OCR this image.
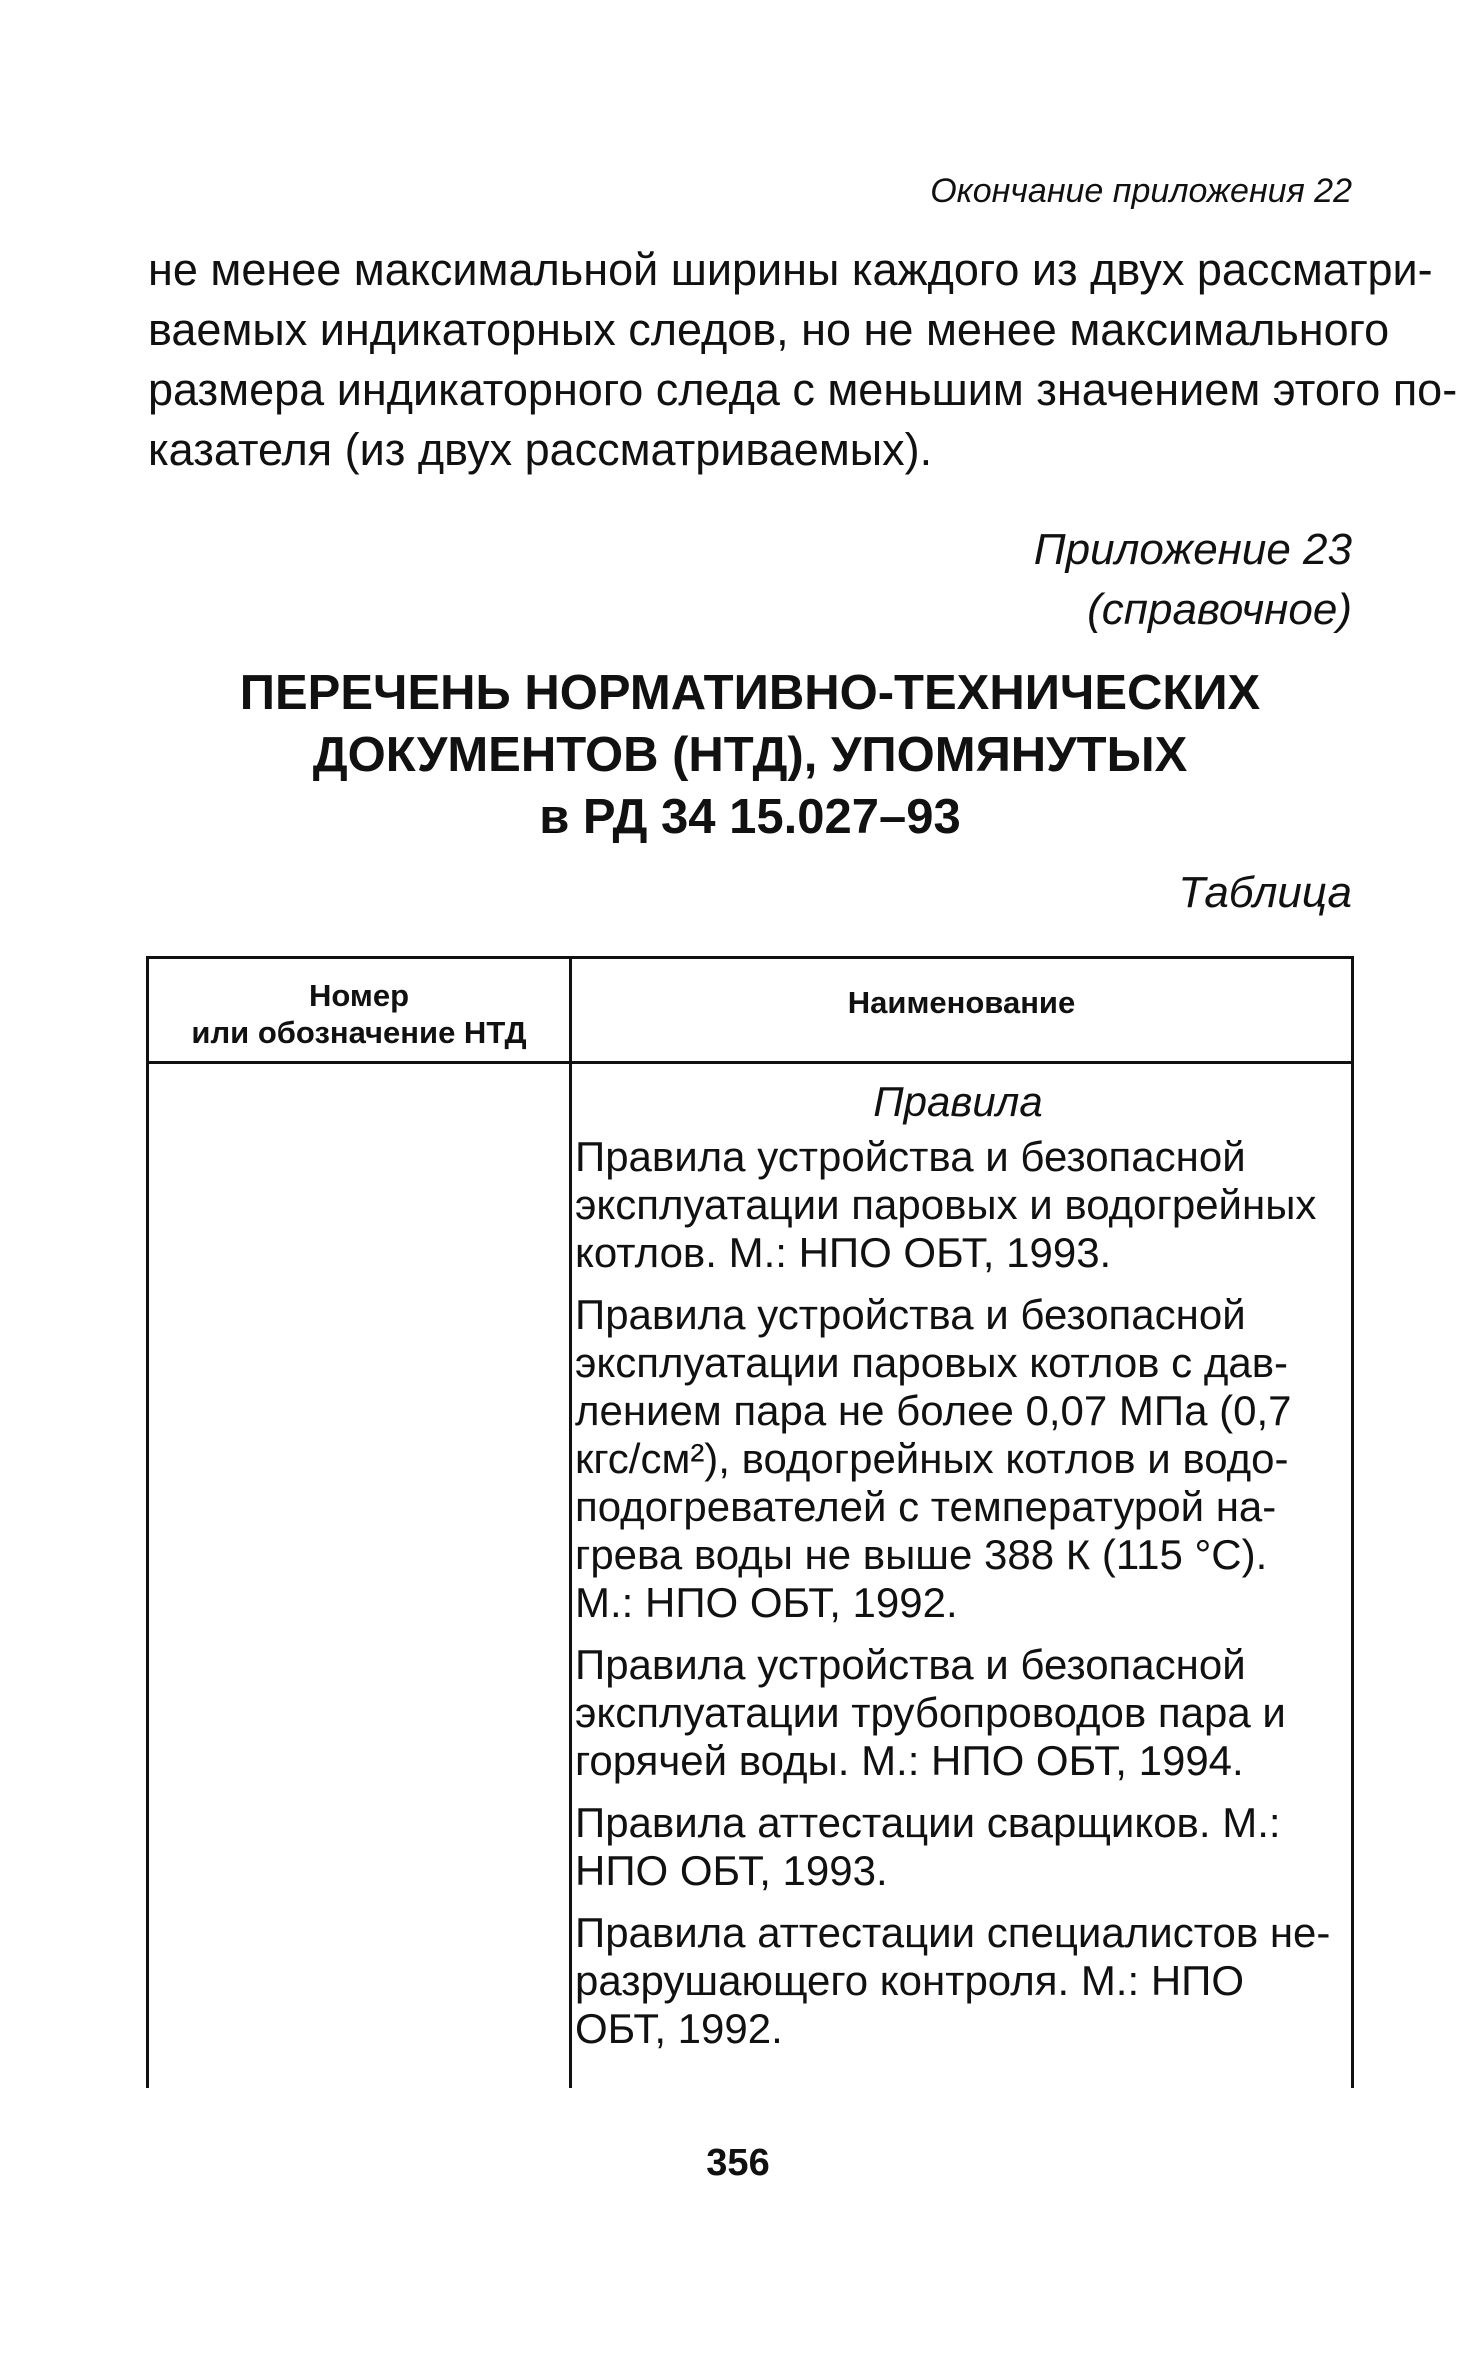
Окончание приложения 22
не менее максимальной ширины каждого из двух рассматри-
ваемых индикаторных следов, но не менее максимального
размера индикаторного следа с меньшим значением этого по-
казателя (из двух рассматриваемых).
Приложение 23
(справочное)
ПЕРЕЧЕНЬ НОРМАТИВНО-ТЕХНИЧЕСКИХ
ДОКУМЕНТОВ (НТД), УПОМЯНУТЫХ
в РД 34 15.027–93
Таблица
Номер
или обозначение НТД
Наименование

Правила

Правила устройства и безопасной
эксплуатации паровых и водогрейных
котлов. М.: НПО ОБТ, 1993.
Правила устройства и безопасной
эксплуатации паровых котлов с дав-
лением пара не более 0,07 МПа (0,7
кгс/см²), водогрейных котлов и водо-
подогревателей с температурой на-
грева воды не выше 388 К (115 °С).
М.: НПО ОБТ, 1992.
Правила устройства и безопасной
эксплуатации трубопроводов пара и
горячей воды. М.: НПО ОБТ, 1994.
Правила аттестации сварщиков. М.:
НПО ОБТ, 1993.
Правила аттестации специалистов не-
разрушающего контроля. М.: НПО
ОБТ, 1992.
356
